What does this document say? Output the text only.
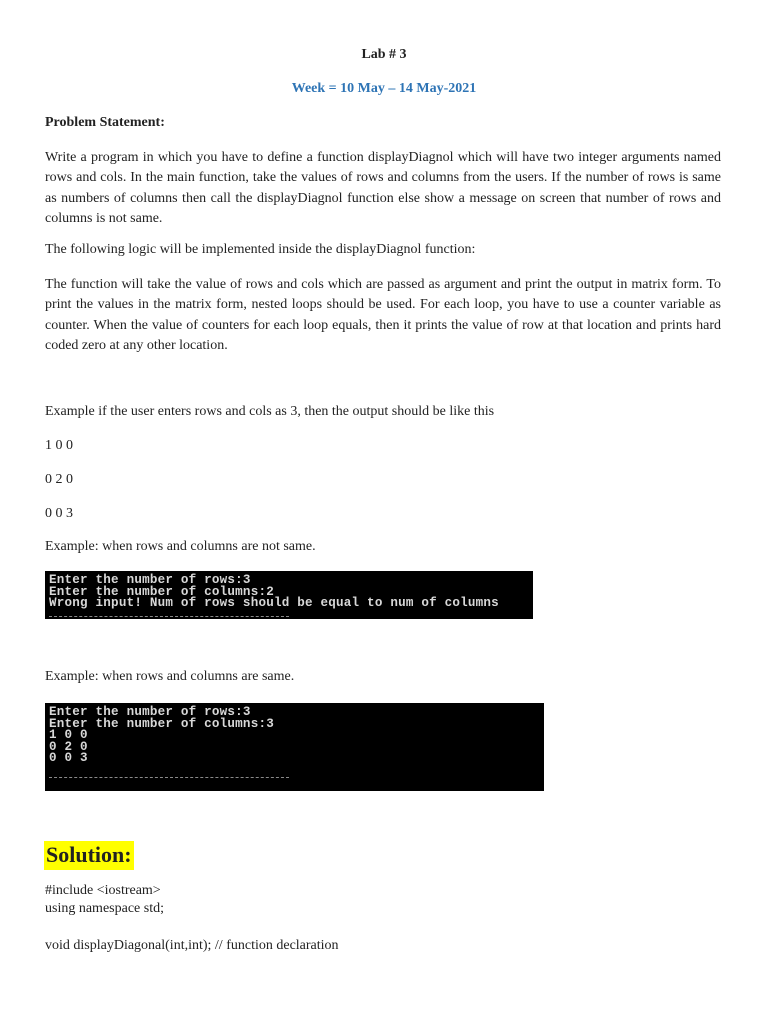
Lab # 3

Week = 10 May – 14 May-2021

Problem Statement:

Write a program in which you have to define a function displayDiagnol which will have two integer arguments named rows and cols. In the main function, take the values of rows and columns from the users. If the number of rows is same as numbers of columns then call the displayDiagnol function else show a message on screen that number of rows and columns is not same.

The following logic will be implemented inside the displayDiagnol function:

The function will take the value of rows and cols which are passed as argument and print the output in matrix form. To print the values in the matrix form, nested loops should be used. For each loop, you have to use a counter variable as counter. When the value of counters for each loop equals, then it prints the value of row at that location and prints hard coded zero at any other location.

Example if the user enters rows and cols as 3, then the output should be like this

1 0 0

0 2 0

0 0 3

Example: when rows and columns are not same.

Enter the number of rows:3
Enter the number of columns:2
Wrong input! Num of rows should be equal to num of columns

Example: when rows and columns are same.

Enter the number of rows:3
Enter the number of columns:3
1 0 0
0 2 0
0 0 3

Solution:

#include <iostream>
using namespace std;

void displayDiagonal(int,int); // function declaration
